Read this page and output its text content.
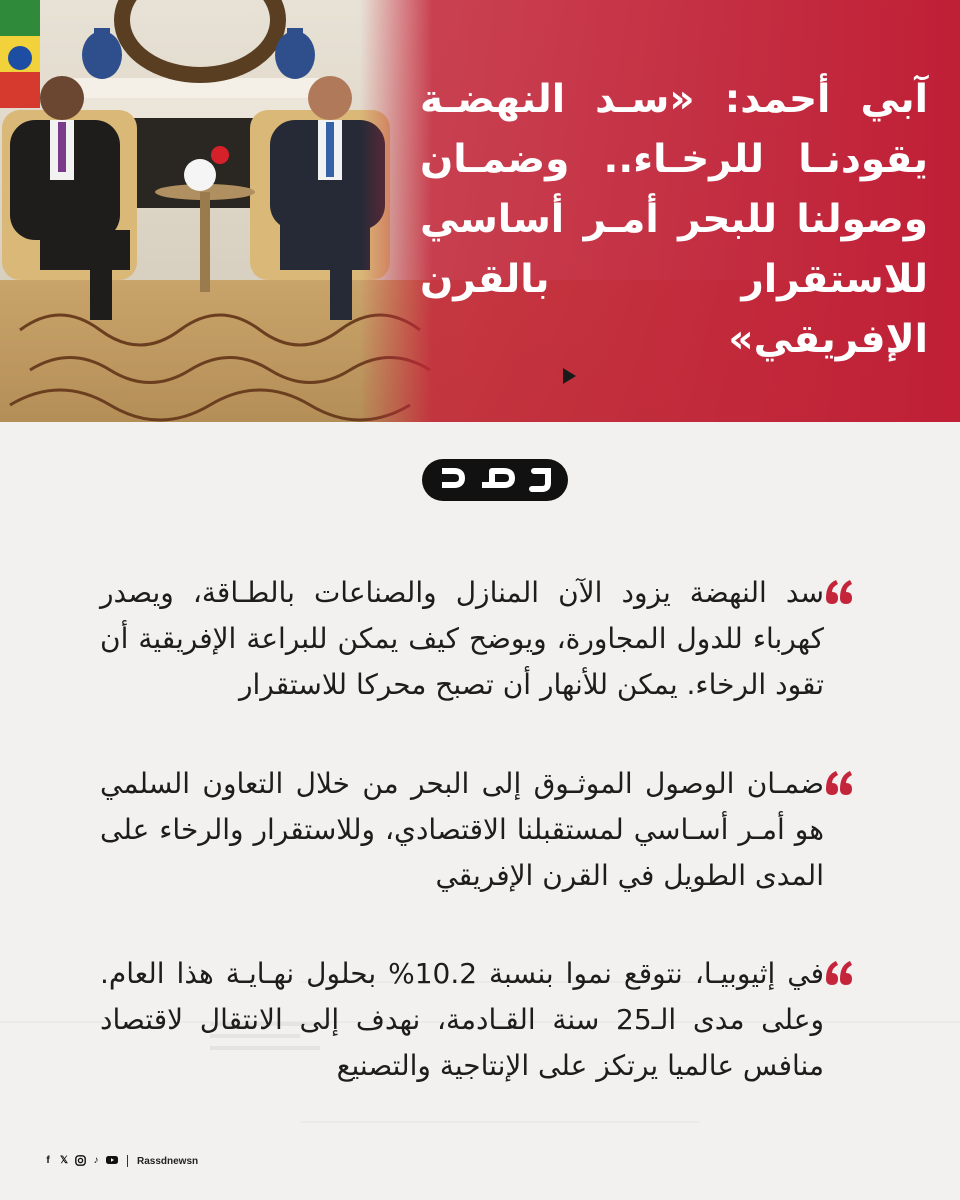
آبي أحمد: «سـد النهضـة يقودنـا للرخـاء.. وضمـان وصولنا للبحر أمـر أساسي للاستقرار بالقرن الإفريقي»
سد النهضة يزود الآن المنازل والصناعات بالطـاقة، ويصدر كهرباء للدول المجاورة، ويوضح كيف يمكن للبراعة الإفريقية أن تقود الرخاء. يمكن للأنهار أن تصبح محركا للاستقرار
ضمـان الوصول الموثـوق إلى البحر من خلال التعاون السلمي هو أمـر أسـاسي لمستقبلنا الاقتصادي، وللاستقرار والرخاء على المدى الطويل في القرن الإفريقي
في إثيوبيـا، نتوقع نموا بنسبة 10.2% بحلول نهـايـة هذا العام. وعلى مدى الـ25 سنة القـادمة، نهدف إلى الانتقال لاقتصاد منافس عالميا يرتكز على الإنتاجية والتصنيع
f	𝕏	♪	Rassdnewsn
